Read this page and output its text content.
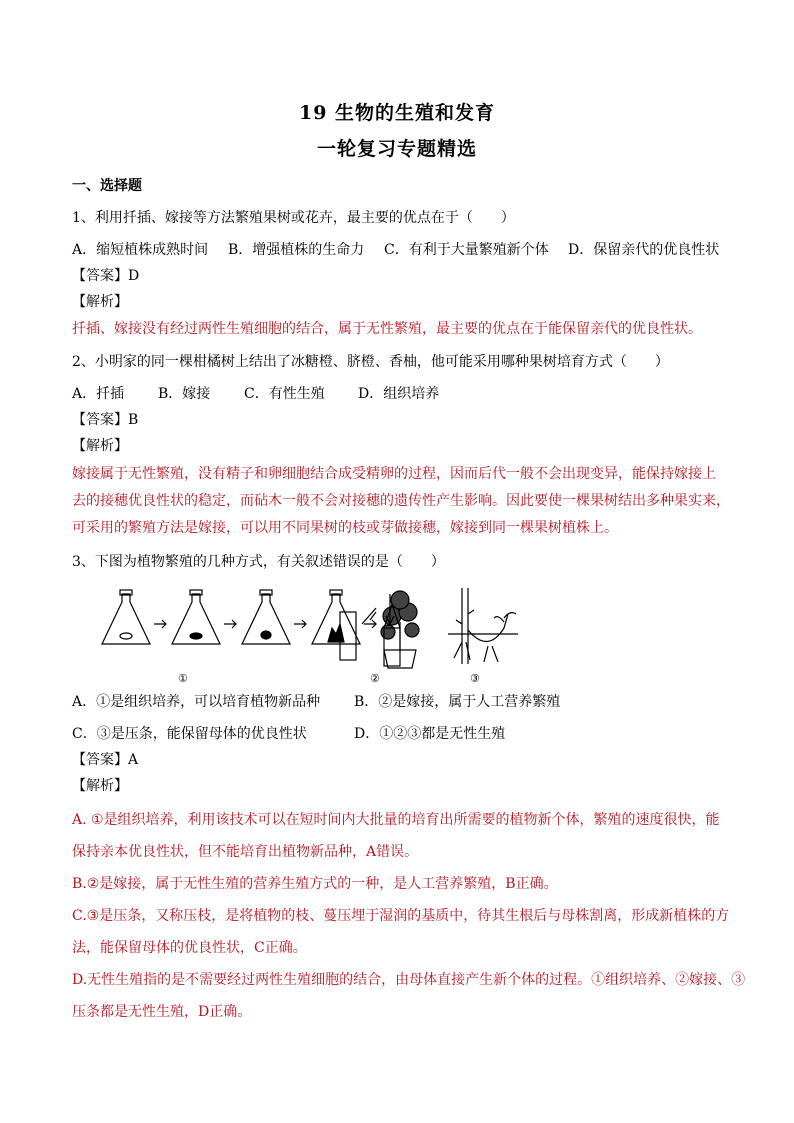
19 生物的生殖和发育
一轮复习专题精选
一、选择题
1、利用扦插、嫁接等方法繁殖果树或花卉，最主要的优点在于（　　）
A．缩短植株成熟时间 B．增强植株的生命力 C．有利于大量繁殖新个体 D．保留亲代的优良性状
【答案】D
【解析】
扦插、嫁接没有经过两性生殖细胞的结合，属于无性繁殖，最主要的优点在于能保留亲代的优良性状。
2、小明家的同一棵柑橘树上结出了冰糖橙、脐橙、香柚，他可能采用哪种果树培育方式（　　）
A．扦插 B．嫁接 C．有性生殖 D．组织培养
【答案】B
【解析】
嫁接属于无性繁殖，没有精子和卵细胞结合成受精卵的过程，因而后代一般不会出现变异，能保持嫁接上
去的接穗优良性状的稳定，而砧木一般不会对接穗的遗传性产生影响。因此要使一棵果树结出多种果实来，
可采用的繁殖方法是嫁接，可以用不同果树的枝或芽做接穗，嫁接到同一棵果树植株上。
3、下图为植物繁殖的几种方式，有关叙述错误的是（　　）
①	②	③
A．①是组织培养，可以培育植物新品种 B．②是嫁接，属于人工营养繁殖
C．③是压条，能保留母体的优良性状	D．①②③都是无性生殖
【答案】A
【解析】
A. ①是组织培养，利用该技术可以在短时间内大批量的培育出所需要的植物新个体，繁殖的速度很快，能
保持亲本优良性状，但不能培育出植物新品种，A错误。
B.②是嫁接，属于无性生殖的营养生殖方式的一种，是人工营养繁殖，B正确。
C.③是压条，又称压枝，是将植物的枝、蔓压埋于湿润的基质中，待其生根后与母株割离，形成新植株的方
法，能保留母体的优良性状，C正确。
D.无性生殖指的是不需要经过两性生殖细胞的结合，由母体直接产生新个体的过程。①组织培养、②嫁接、③
压条都是无性生殖，D正确。
